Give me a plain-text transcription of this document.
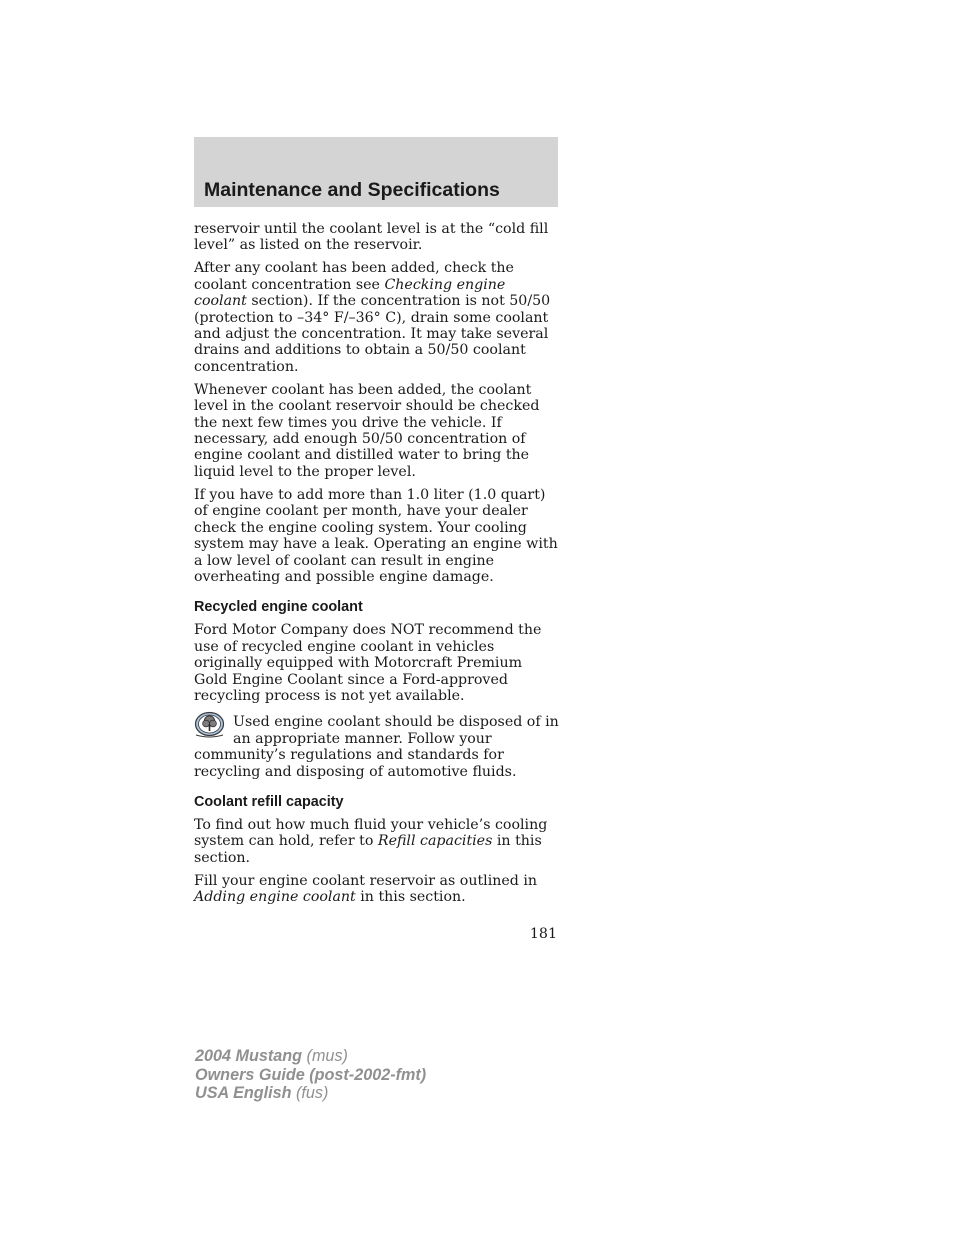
Maintenance and Specifications

reservoir until the coolant level is at the “cold fill level” as listed on the reservoir.

After any coolant has been added, check the coolant concentration see Checking engine coolant section). If the concentration is not 50/50 (protection to –34° F/–36° C), drain some coolant and adjust the concentration. It may take several drains and additions to obtain a 50/50 coolant concentration.

Whenever coolant has been added, the coolant level in the coolant reservoir should be checked the next few times you drive the vehicle. If necessary, add enough 50/50 concentration of engine coolant and distilled water to bring the liquid level to the proper level.

If you have to add more than 1.0 liter (1.0 quart) of engine coolant per month, have your dealer check the engine cooling system. Your cooling system may have a leak. Operating an engine with a low level of coolant can result in engine overheating and possible engine damage.

Recycled engine coolant

Ford Motor Company does NOT recommend the use of recycled engine coolant in vehicles originally equipped with Motorcraft Premium Gold Engine Coolant since a Ford-approved recycling process is not yet available.

Used engine coolant should be disposed of in an appropriate manner. Follow your community’s regulations and standards for recycling and disposing of automotive fluids.

Coolant refill capacity

To find out how much fluid your vehicle’s cooling system can hold, refer to Refill capacities in this section.

Fill your engine coolant reservoir as outlined in Adding engine coolant in this section.

181
2004 Mustang (mus)
Owners Guide (post-2002-fmt)
USA English (fus)
